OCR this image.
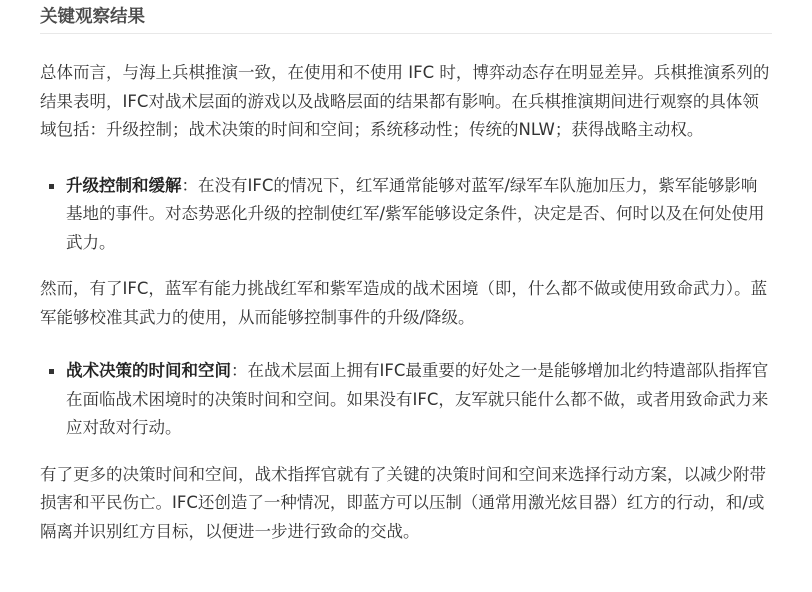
关键观察结果

总体而言，与海上兵棋推演一致，在使用和不使用 IFC 时，博弈动态存在明显差异。兵棋推演系列的结果表明，IFC对战术层面的游戏以及战略层面的结果都有影响。在兵棋推演期间进行观察的具体领域包括：升级控制；战术决策的时间和空间；系统移动性；传统的NLW；获得战略主动权。

升级控制和缓解：在没有IFC的情况下，红军通常能够对蓝军/绿军车队施加压力，紫军能够影响基地的事件。对态势恶化升级的控制使红军/紫军能够设定条件，决定是否、何时以及在何处使用武力。

然而，有了IFC，蓝军有能力挑战红军和紫军造成的战术困境（即，什么都不做或使用致命武力）。蓝军能够校准其武力的使用，从而能够控制事件的升级/降级。

战术决策的时间和空间：在战术层面上拥有IFC最重要的好处之一是能够增加北约特遣部队指挥官在面临战术困境时的决策时间和空间。如果没有IFC，友军就只能什么都不做，或者用致命武力来应对敌对行动。

有了更多的决策时间和空间，战术指挥官就有了关键的决策时间和空间来选择行动方案，以减少附带损害和平民伤亡。IFC还创造了一种情况，即蓝方可以压制（通常用激光炫目器）红方的行动，和/或隔离并识别红方目标，以便进一步进行致命的交战。
